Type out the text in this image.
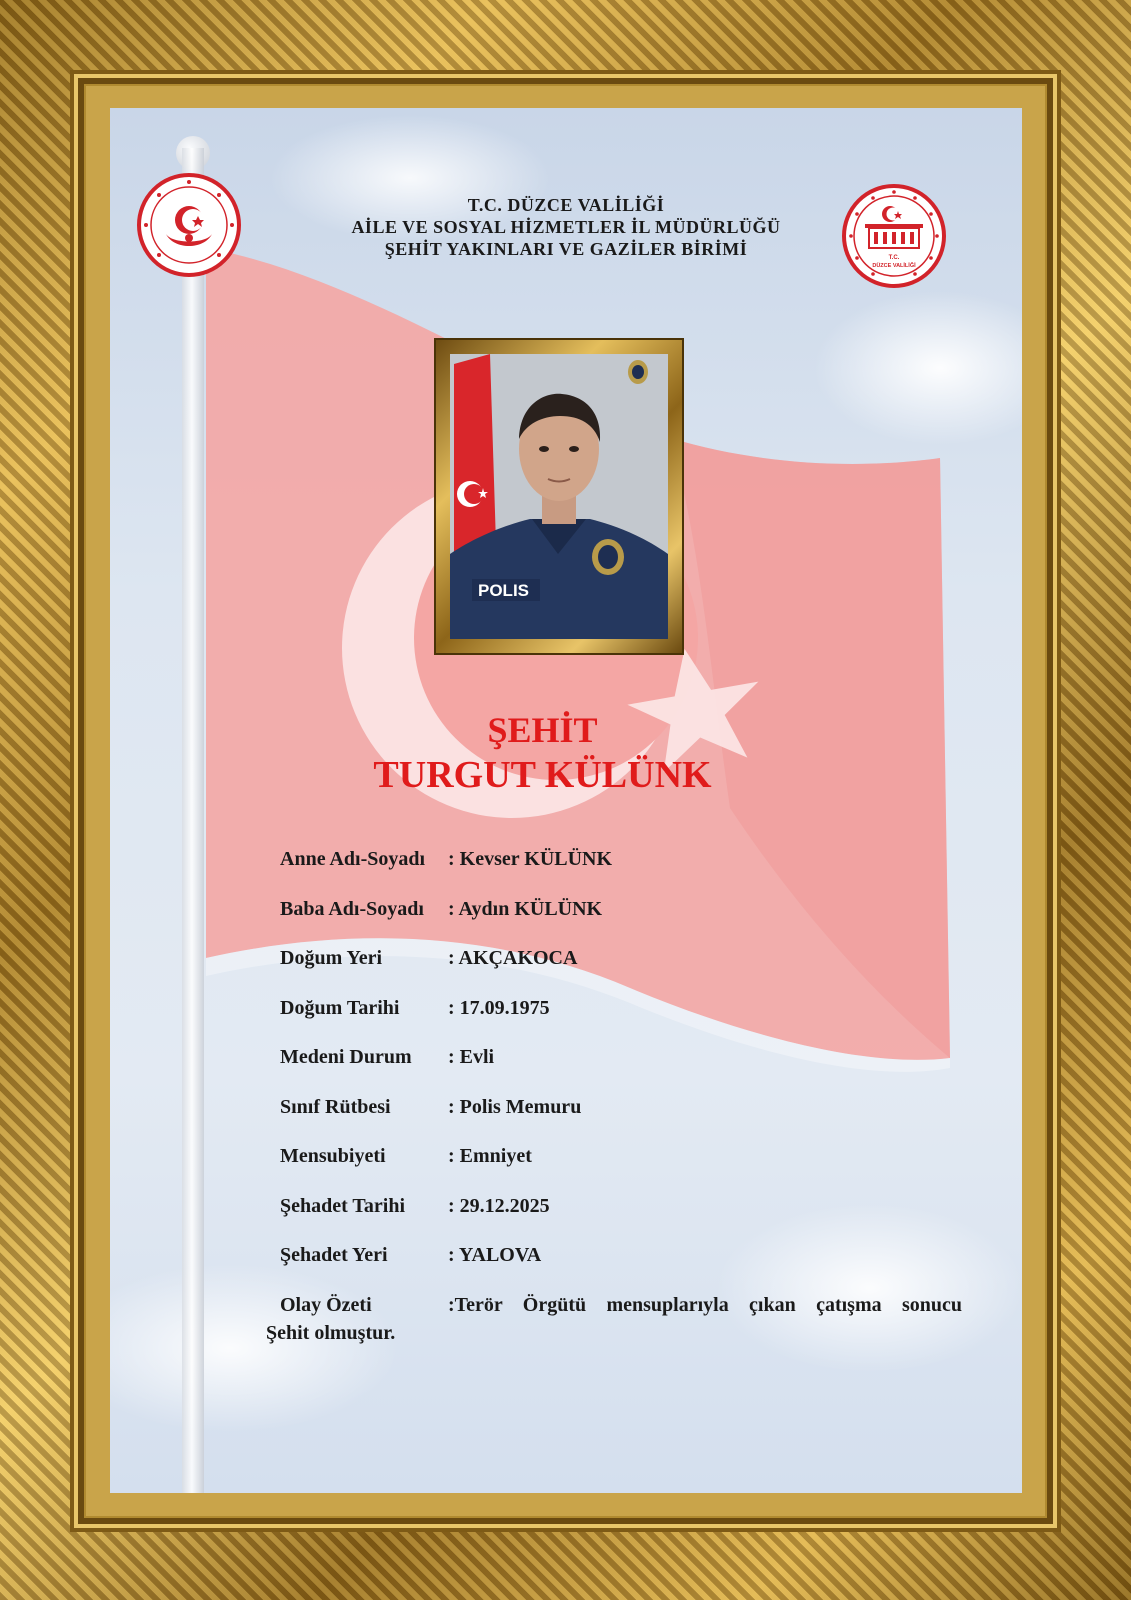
T.C.
DÜZCE VALİLİĞİ
T.C. DÜZCE VALİLİĞİ
AİLE VE SOSYAL HİZMETLER İL MÜDÜRLÜĞÜ
ŞEHİT YAKINLARI VE GAZİLER BİRİMİ
POLIS
ŞEHİT
TURGUT KÜLÜNK
Anne Adı-Soyadı : Kevser KÜLÜNK
Baba Adı-Soyadı : Aydın KÜLÜNK
Doğum Yeri	: AKÇAKOCA
Doğum Tarihi : 17.09.1975
Medeni Durum : Evli
Sınıf Rütbesi	: Polis Memuru
Mensubiyeti	: Emniyet
Şehadet Tarihi : 29.12.2025
Şehadet Yeri	: YALOVA
Olay Özeti	:Terör Örgütü mensuplarıyla çıkan çatışma sonucu
Şehit olmuştur.
